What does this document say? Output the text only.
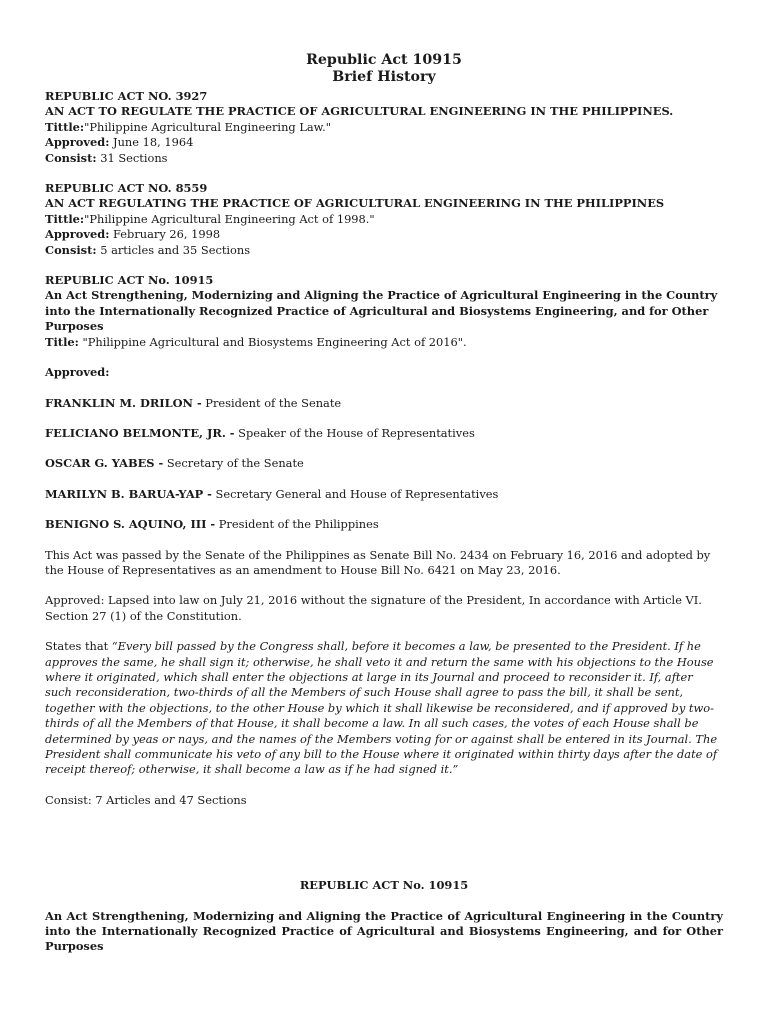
Republic Act 10915

Brief History

REPUBLIC ACT NO. 3927

AN ACT TO REGULATE THE PRACTICE OF AGRICULTURAL ENGINEERING IN THE PHILIPPINES.

Tittle:"Philippine Agricultural Engineering Law."

Approved: June 18, 1964

Consist: 31 Sections

REPUBLIC ACT NO. 8559

AN ACT REGULATING THE PRACTICE OF AGRICULTURAL ENGINEERING IN THE PHILIPPINES

Tittle:"Philippine Agricultural Engineering Act of 1998."

Approved: February 26, 1998

Consist: 5 articles and 35 Sections

REPUBLIC ACT No. 10915

An Act Strengthening, Modernizing and Aligning the Practice of Agricultural Engineering in the Country into the Internationally Recognized Practice of Agricultural and Biosystems Engineering, and for Other Purposes

Title: "Philippine Agricultural and Biosystems Engineering Act of 2016".

Approved:

FRANKLIN M. DRILON - President of the Senate

FELICIANO BELMONTE, JR. - Speaker of the House of Representatives

OSCAR G. YABES - Secretary of the Senate

MARILYN B. BARUA-YAP - Secretary General and House of Representatives

BENIGNO S. AQUINO, III - President of the Philippines

This Act was passed by the Senate of the Philippines as Senate Bill No. 2434 on February 16, 2016 and adopted by the House of Representatives as an amendment to House Bill No. 6421 on May 23, 2016.

Approved: Lapsed into law on July 21, 2016 without the signature of the President, In accordance with Article VI. Section 27 (1) of the Constitution.

States that “Every bill passed by the Congress shall, before it becomes a law, be presented to the President. If he approves the same, he shall sign it; otherwise, he shall veto it and return the same with his objections to the House where it originated, which shall enter the objections at large in its Journal and proceed to reconsider it. If, after such reconsideration, two-thirds of all the Members of such House shall agree to pass the bill, it shall be sent, together with the objections, to the other House by which it shall likewise be reconsidered, and if approved by two-thirds of all the Members of that House, it shall become a law. In all such cases, the votes of each House shall be determined by yeas or nays, and the names of the Members voting for or against shall be entered in its Journal. The President shall communicate his veto of any bill to the House where it originated within thirty days after the date of receipt thereof; otherwise, it shall become a law as if he had signed it.”

Consist: 7 Articles and 47 Sections

REPUBLIC ACT No. 10915

An Act Strengthening, Modernizing and Aligning the Practice of Agricultural Engineering in the Country into the Internationally Recognized Practice of Agricultural and Biosystems Engineering, and for Other Purposes
